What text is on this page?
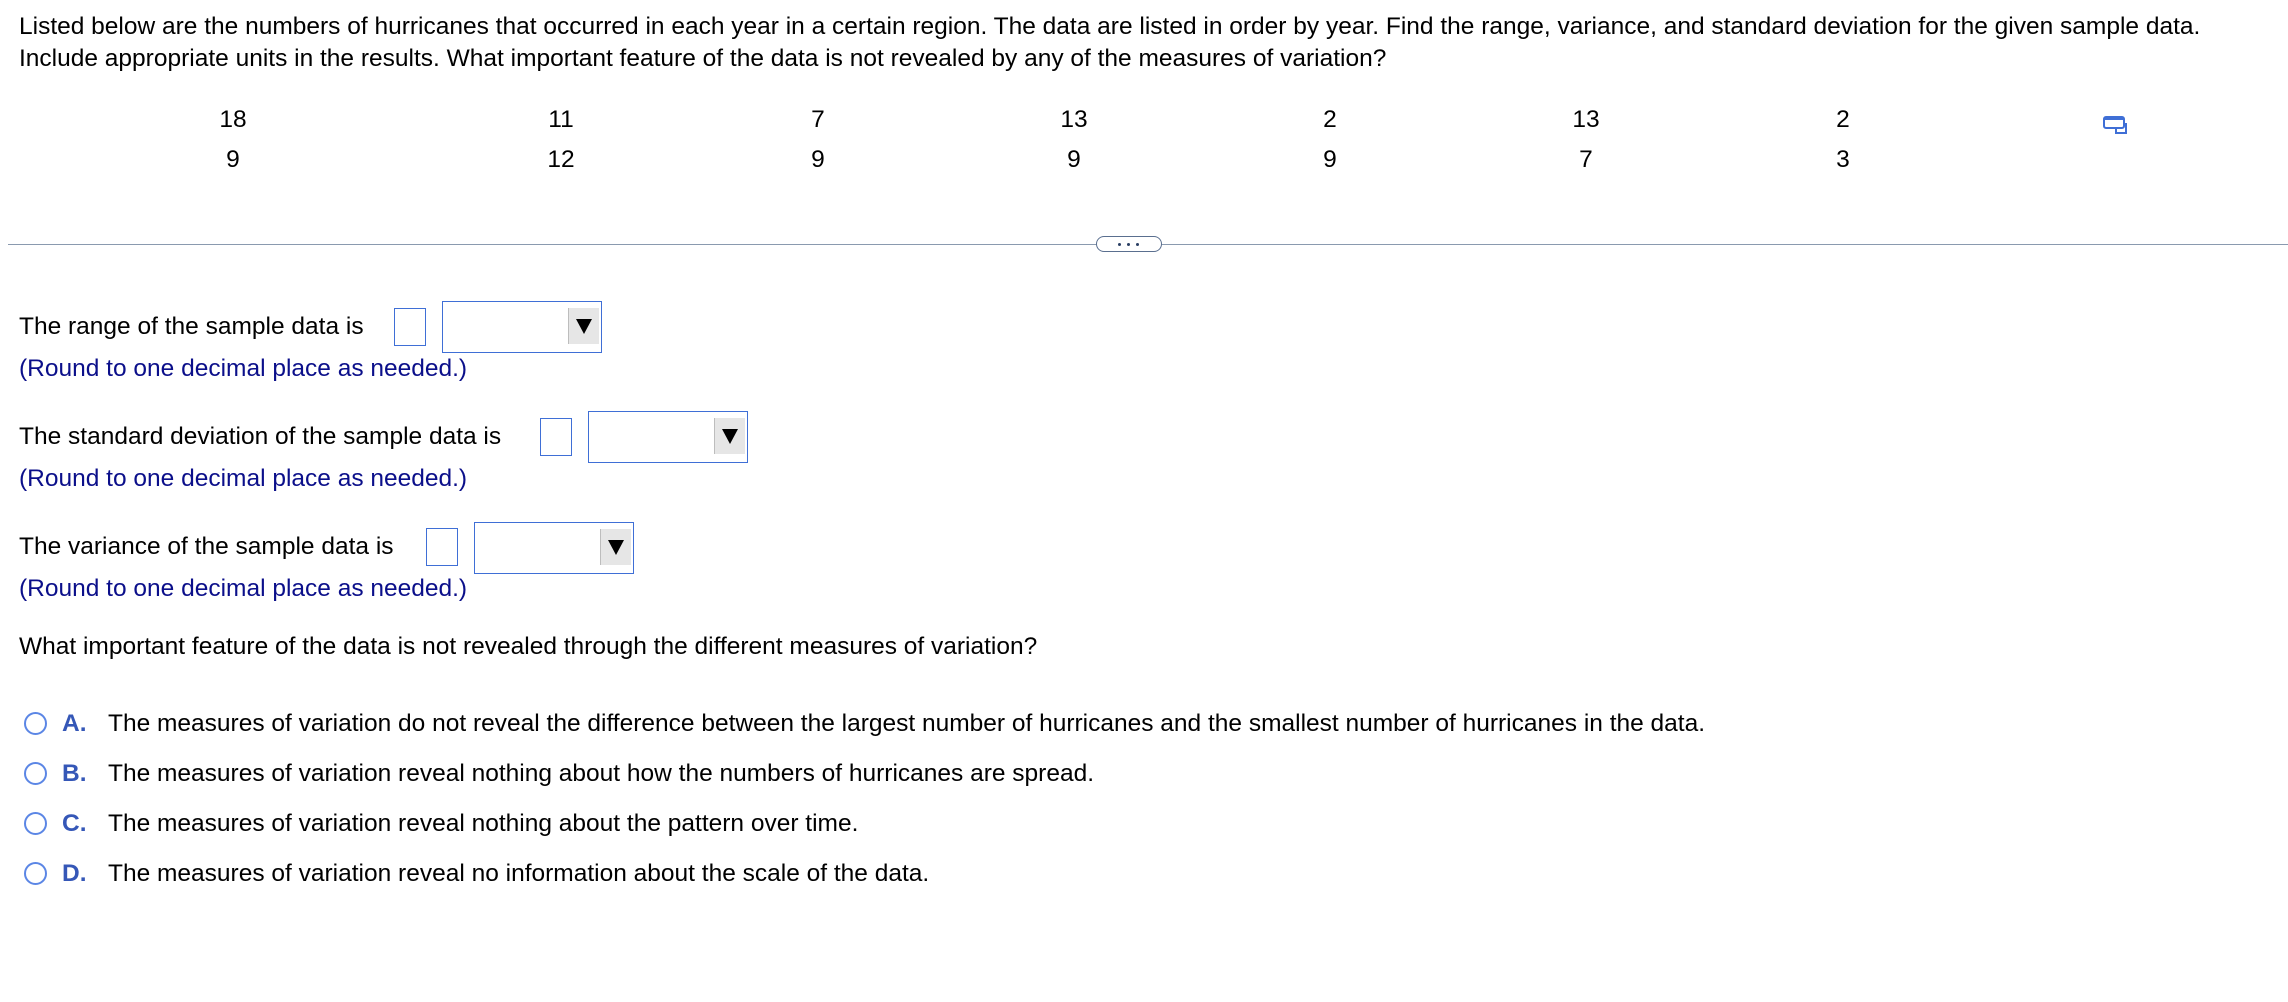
Listed below are the numbers of hurricanes that occurred in each year in a certain region. The data are listed in order by year. Find the range, variance, and standard deviation for the given sample data. Include appropriate units in the results. What important feature of the data is not revealed by any of the measures of variation?
18	11	7	13	2	13	2
9	12	9	9	9	7	3
The range of the sample data is
(Round to one decimal place as needed.)
The standard deviation of the sample data is
(Round to one decimal place as needed.)
The variance of the sample data is
(Round to one decimal place as needed.)
What important feature of the data is not revealed through the different measures of variation?
A. The measures of variation do not reveal the difference between the largest number of hurricanes and the smallest number of hurricanes in the data.
B. The measures of variation reveal nothing about how the numbers of hurricanes are spread.
C. The measures of variation reveal nothing about the pattern over time.
D. The measures of variation reveal no information about the scale of the data.
